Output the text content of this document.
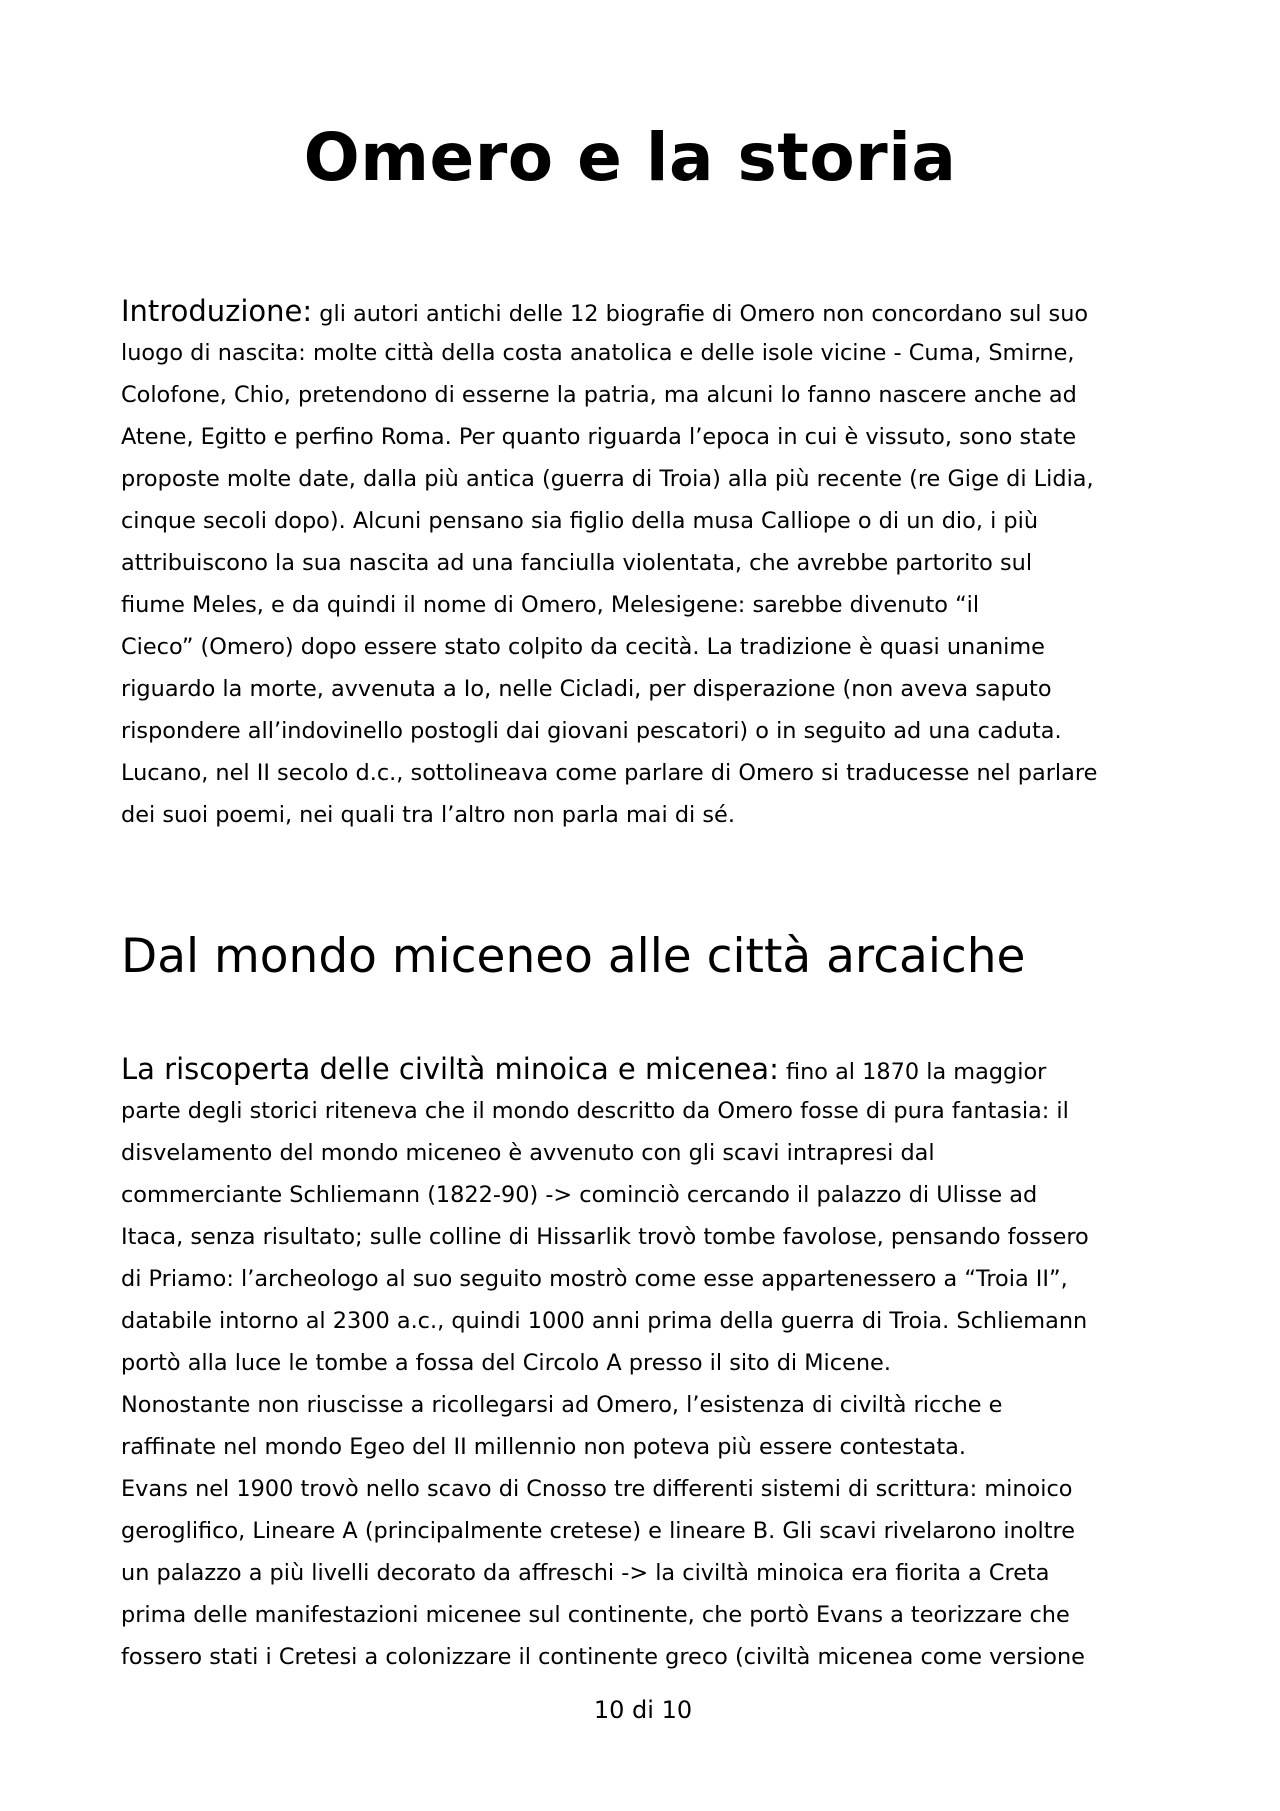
Omero e la storia
Introduzione: gli autori antichi delle 12 biografie di Omero non concordano sul suo
luogo di nascita: molte città della costa anatolica e delle isole vicine - Cuma, Smirne,
Colofone, Chio, pretendono di esserne la patria, ma alcuni lo fanno nascere anche ad
Atene, Egitto e perfino Roma. Per quanto riguarda l’epoca in cui è vissuto, sono state
proposte molte date, dalla più antica (guerra di Troia) alla più recente (re Gige di Lidia,
cinque secoli dopo). Alcuni pensano sia figlio della musa Calliope o di un dio, i più
attribuiscono la sua nascita ad una fanciulla violentata, che avrebbe partorito sul
fiume Meles, e da quindi il nome di Omero, Melesigene: sarebbe divenuto “il
Cieco” (Omero) dopo essere stato colpito da cecità. La tradizione è quasi unanime
riguardo la morte, avvenuta a Io, nelle Cicladi, per disperazione (non aveva saputo
rispondere all’indovinello postogli dai giovani pescatori) o in seguito ad una caduta.
Lucano, nel II secolo d.c., sottolineava come parlare di Omero si traducesse nel parlare
dei suoi poemi, nei quali tra l’altro non parla mai di sé.
Dal mondo miceneo alle città arcaiche
La riscoperta delle civiltà minoica e micenea: fino al 1870 la maggior
parte degli storici riteneva che il mondo descritto da Omero fosse di pura fantasia: il
disvelamento del mondo miceneo è avvenuto con gli scavi intrapresi dal
commerciante Schliemann (1822-90) -> cominciò cercando il palazzo di Ulisse ad
Itaca, senza risultato; sulle colline di Hissarlik trovò tombe favolose, pensando fossero
di Priamo: l’archeologo al suo seguito mostrò come esse appartenessero a “Troia II”,
databile intorno al 2300 a.c., quindi 1000 anni prima della guerra di Troia. Schliemann
portò alla luce le tombe a fossa del Circolo A presso il sito di Micene.
Nonostante non riuscisse a ricollegarsi ad Omero, l’esistenza di civiltà ricche e
raffinate nel mondo Egeo del II millennio non poteva più essere contestata.
Evans nel 1900 trovò nello scavo di Cnosso tre differenti sistemi di scrittura: minoico
geroglifico, Lineare A (principalmente cretese) e lineare B. Gli scavi rivelarono inoltre
un palazzo a più livelli decorato da affreschi -> la civiltà minoica era fiorita a Creta
prima delle manifestazioni micenee sul continente, che portò Evans a teorizzare che
fossero stati i Cretesi a colonizzare il continente greco (civiltà micenea come versione
10 di 10
